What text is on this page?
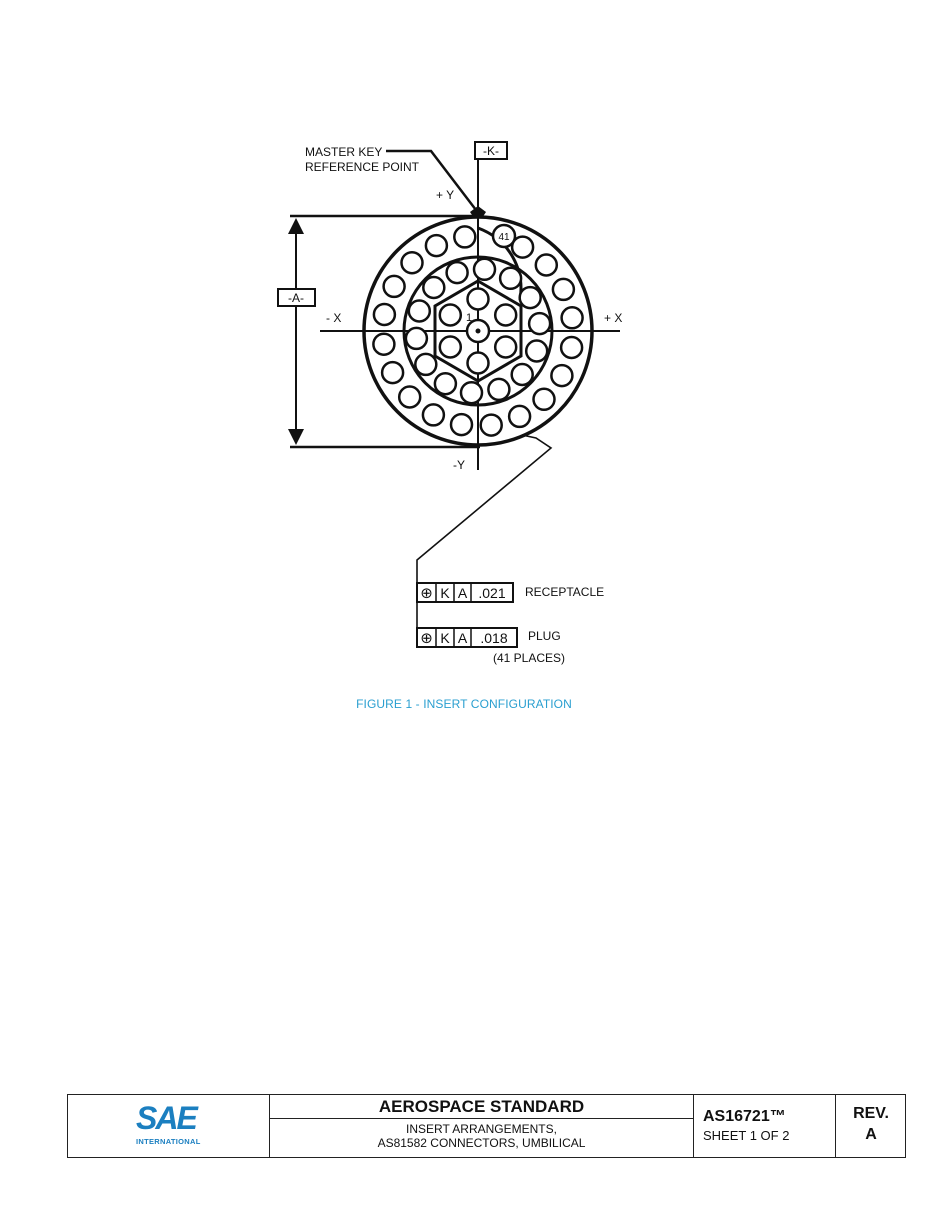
MASTER KEY
REFERENCE POINT
-K-
+ Y
-Y
- X	+ X
-A-
1
41
⊕ K A .021 RECEPTACLE
⊕ K A .018 PLUG
(41 PLACES)
FIGURE 1 - INSERT CONFIGURATION
SAE
INTERNATIONAL
AEROSPACE STANDARD
INSERT ARRANGEMENTS,
AS81582 CONNECTORS, UMBILICAL
AS16721™
SHEET 1 OF 2
REV.
A
